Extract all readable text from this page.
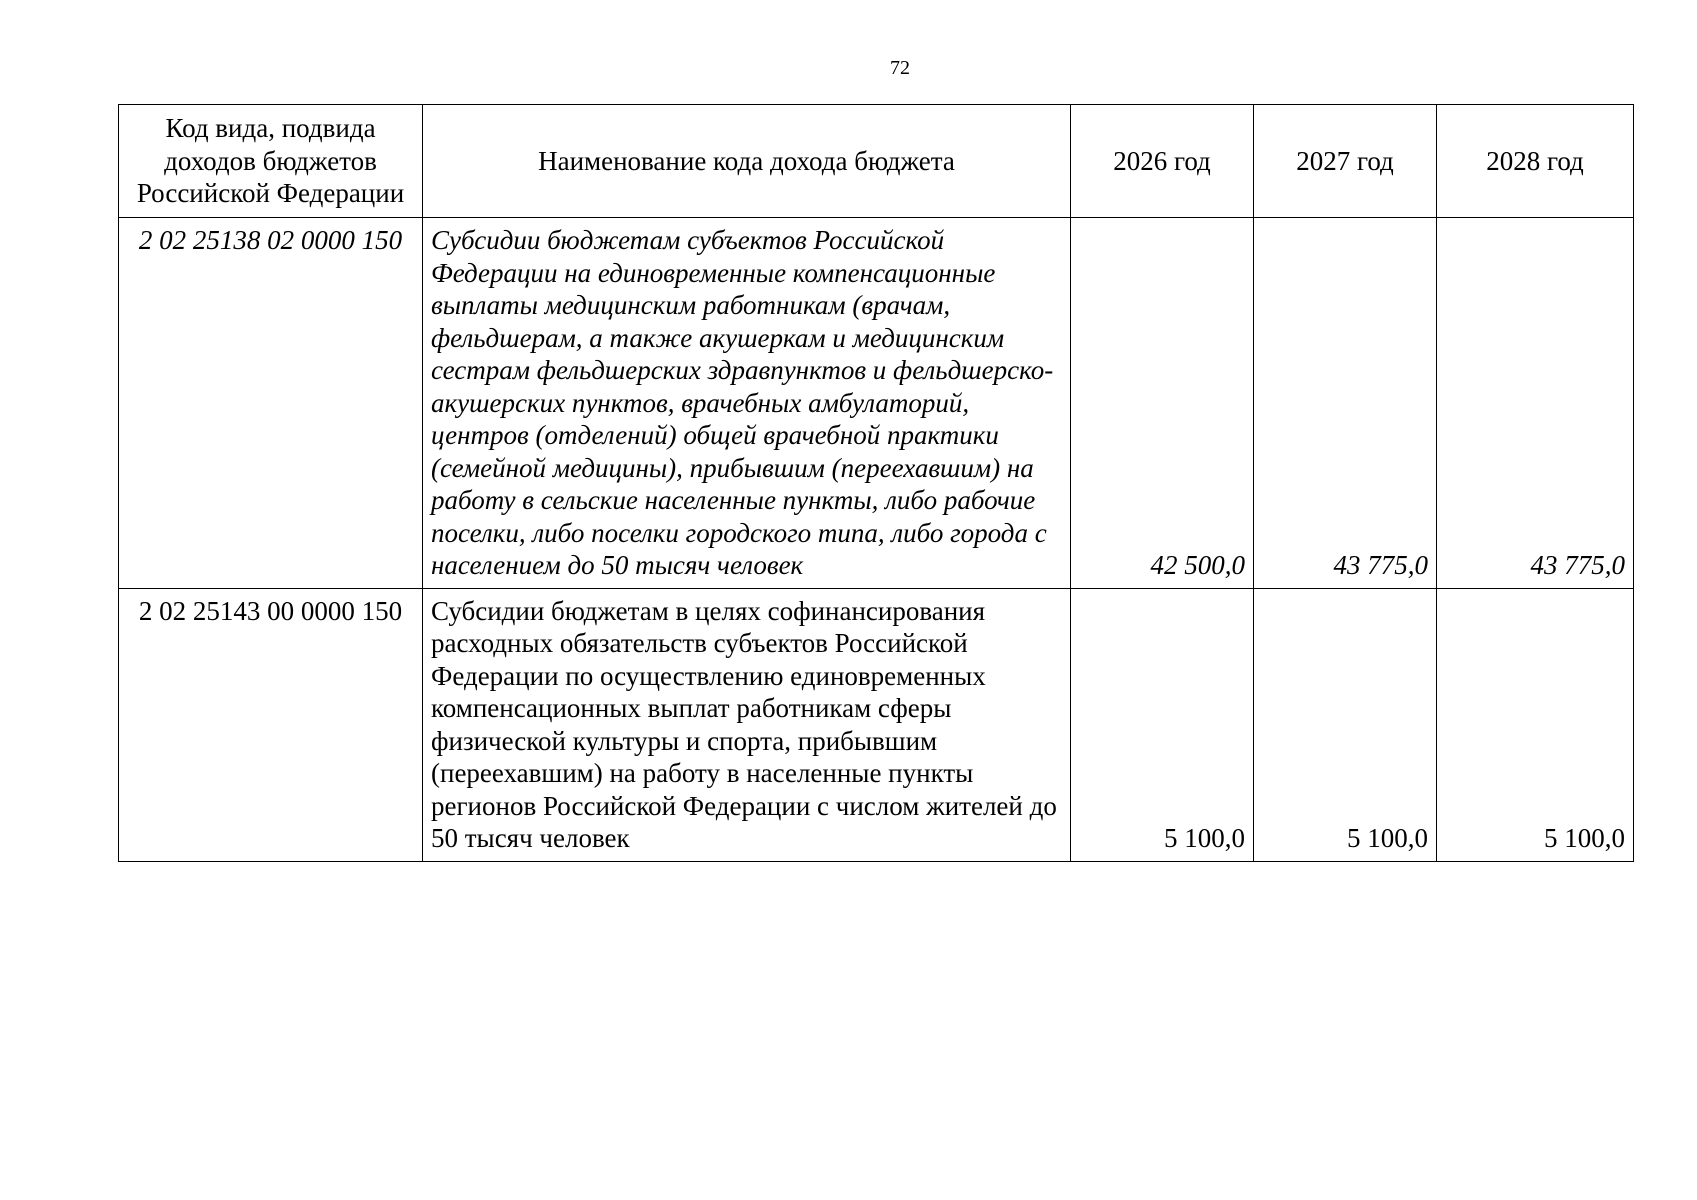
72
Код вида, подвида доходов бюджетов Российской Федерации	Наименование кода дохода бюджета	2026 год	2027 год	2028 год
2 02 25138 02 0000 150	Субсидии бюджетам субъектов Российской Федерации на единовременные компенсационные выплаты медицинским работникам (врачам, фельдшерам, а также акушеркам и медицинским сестрам фельдшерских здравпунктов и фельдшерско-акушерских пунктов, врачебных амбулаторий, центров (отделений) общей врачебной практики (семейной медицины), прибывшим (переехавшим) на работу в сельские населенные пункты, либо рабочие поселки, либо поселки городского типа, либо города с населением до 50 тысяч человек	42 500,0	43 775,0	43 775,0
2 02 25143 00 0000 150	Субсидии бюджетам в целях софинансирования расходных обязательств субъектов Российской Федерации по осуществлению единовременных компенсационных выплат работникам сферы физической культуры и спорта, прибывшим (переехавшим) на работу в населенные пункты регионов Российской Федерации с числом жителей до 50 тысяч человек	5 100,0	5 100,0	5 100,0
